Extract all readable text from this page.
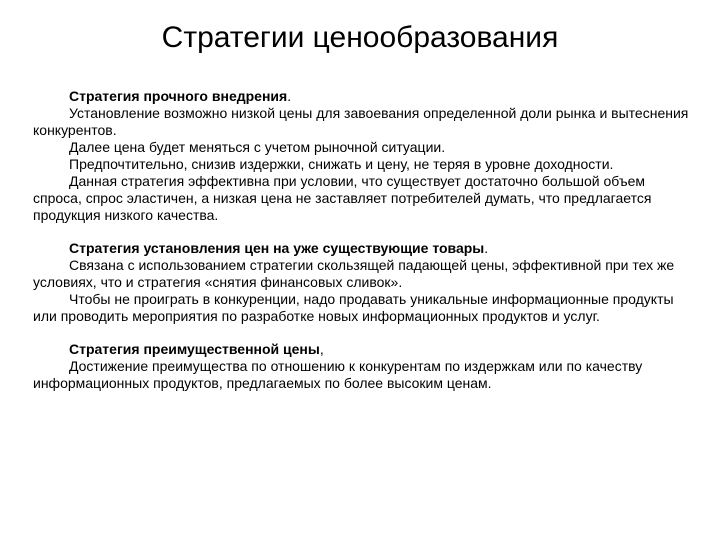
Стратегии ценообразования

Стратегия прочного внедрения.

Установление возможно низкой цены для завоевания определенной доли рынка и вытеснения конкурентов.

Далее цена будет меняться с учетом рыночной ситуации.

Предпочтительно, снизив издержки, снижать и цену, не теряя в уровне доходности.

Данная стратегия эффективна при условии, что существует достаточно большой объем спроса, спрос эластичен, а низкая цена не заставляет потребителей думать, что предлагается продукция низкого качества.

Стратегия установления цен на уже существующие товары.

Связана с использованием стратегии скользящей падающей цены, эффективной при тех же условиях, что и стратегия «снятия финансовых сливок».

Чтобы не проиграть в конкуренции, надо продавать уникальные информационные продукты или проводить мероприятия по разработке новых информационных продуктов и услуг.

Стратегия преимущественной цены,

Достижение преимущества по отношению к конкурентам по издержкам или по качеству информационных продуктов, предлагаемых по более высоким ценам.
